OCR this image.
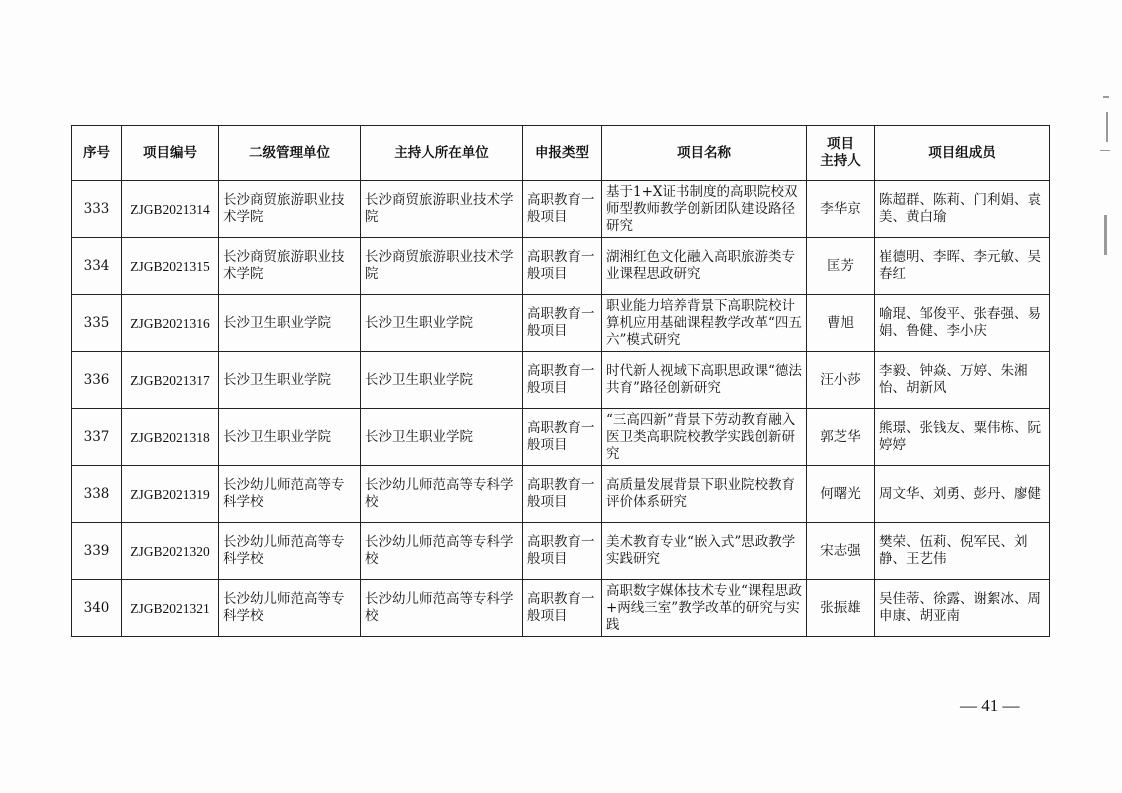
序号	项目编号	二级管理单位	主持人所在单位	申报类型	项目名称	项目
主持人	项目组成员
333	ZJGB2021314	长沙商贸旅游职业技术学院	长沙商贸旅游职业技术学院	高职教育一般项目	基于1+X证书制度的高职院校双师型教师教学创新团队建设路径研究	李华京	陈超群、陈莉、门利娟、袁美、黄白瑜
334	ZJGB2021315	长沙商贸旅游职业技术学院	长沙商贸旅游职业技术学院	高职教育一般项目	湖湘红色文化融入高职旅游类专业课程思政研究	匡芳	崔德明、李晖、李元敏、吴春红
335	ZJGB2021316	长沙卫生职业学院	长沙卫生职业学院	高职教育一般项目	职业能力培养背景下高职院校计算机应用基础课程教学改革“四五六”模式研究	曹旭	喻琨、邹俊平、张春强、易娟、鲁健、李小庆
336	ZJGB2021317	长沙卫生职业学院	长沙卫生职业学院	高职教育一般项目	时代新人视域下高职思政课“德法共育”路径创新研究	汪小莎	李毅、钟焱、万婷、朱湘怡、胡新风
337	ZJGB2021318	长沙卫生职业学院	长沙卫生职业学院	高职教育一般项目	“三高四新”背景下劳动教育融入医卫类高职院校教学实践创新研究	郭芝华	熊璟、张钱友、粟伟栋、阮婷婷
338	ZJGB2021319	长沙幼儿师范高等专科学校	长沙幼儿师范高等专科学校	高职教育一般项目	高质量发展背景下职业院校教育评价体系研究	何曙光	周文华、刘勇、彭丹、廖健
339	ZJGB2021320	长沙幼儿师范高等专科学校	长沙幼儿师范高等专科学校	高职教育一般项目	美术教育专业“嵌入式”思政教学实践研究	宋志强	樊荣、伍莉、倪军民、刘静、王艺伟
340	ZJGB2021321	长沙幼儿师范高等专科学校	长沙幼儿师范高等专科学校	高职教育一般项目	高职数字媒体技术专业“课程思政+两线三室”教学改革的研究与实践	张振雄	吴佳蒂、徐露、谢絮冰、周申康、胡亚南
— 41 —
